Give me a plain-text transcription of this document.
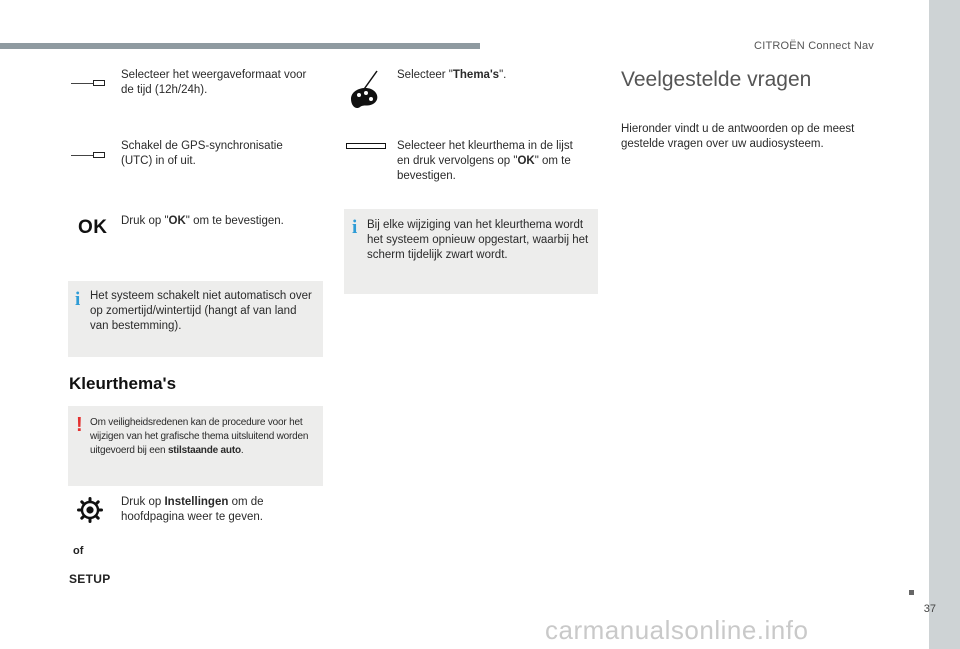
CITROËN Connect Nav
37
carmanualsonline.info
Selecteer het weergaveformaat voor de tijd (12h/24h).
Schakel de GPS-synchronisatie (UTC) in of uit.
OK Druk op "OK" om te bevestigen.
i Het systeem schakelt niet automatisch over op zomertijd/wintertijd (hangt af van land van bestemming).
Kleurthema's
! Om veiligheidsredenen kan de procedure voor het wijzigen van het grafische thema uitsluitend worden uitgevoerd bij een stilstaande auto.
Druk op Instellingen om de hoofdpagina weer te geven.
of
SETUP
Selecteer "Thema's".
Selecteer het kleurthema in de lijst en druk vervolgens op "OK" om te bevestigen.
i Bij elke wijziging van het kleurthema wordt het systeem opnieuw opgestart, waarbij het scherm tijdelijk zwart wordt.
Veelgestelde vragen
Hieronder vindt u de antwoorden op de meest gestelde vragen over uw audiosysteem.
